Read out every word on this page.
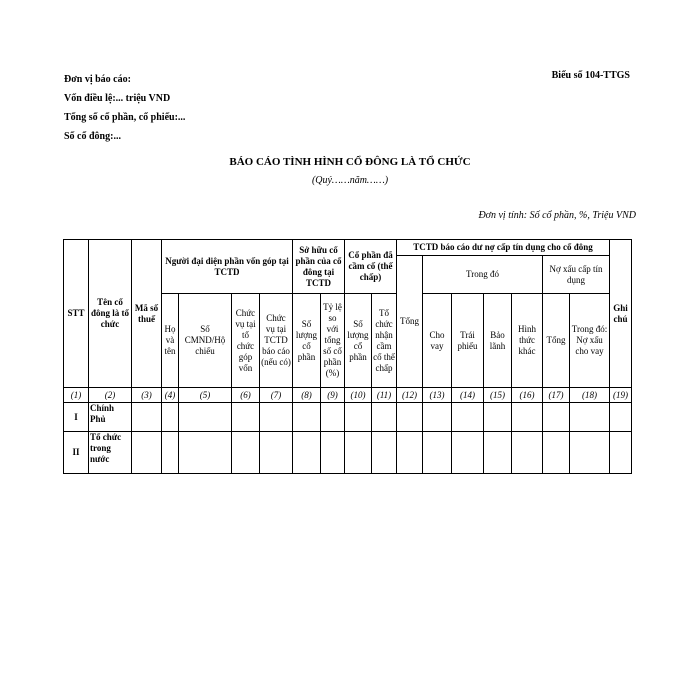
Đơn vị báo cáo:
Vốn điều lệ:... triệu VND
Tổng số cổ phần, cổ phiếu:...
Số cổ đông:...
Biểu số 104-TTGS
BÁO CÁO TÌNH HÌNH CỔ ĐÔNG LÀ TỔ CHỨC
(Quý……năm……)
Đơn vị tính: Số cổ phần, %, Triệu VND
STT	Tên cổ đông là tổ chức	Mã số thuế	Người đại diện phần vốn góp tại TCTD				Sở hữu cổ phần của cổ đông tại TCTD		Cổ phần đã cầm cố (thế chấp)		TCTD báo cáo dư nợ cấp tín dụng cho cổ đông							Ghi chú
											Tổng	Trong đó				Nợ xấu cấp tín dụng		
			Họ và tên	Số CMND/Hộ chiếu	Chức vụ tại tổ chức góp vốn	Chức vụ tại TCTD báo cáo (nếu có)	Số lượng cổ phần	Tỷ lệ so với tổng số cổ phần (%)	Số lượng cổ phần	Tổ chức nhận cầm cố thế chấp		Cho vay	Trái phiếu	Bảo lãnh	Hình thức khác	Tổng	Trong đó: Nợ xấu cho vay	
(1)	(2)	(3)	(4)	(5)	(6)	(7)	(8)	(9)	(10)	(11)	(12)	(13)	(14)	(15)	(16)	(17)	(18)	(19)
I	Chính Phủ																	
II	Tổ chức trong nước																	
